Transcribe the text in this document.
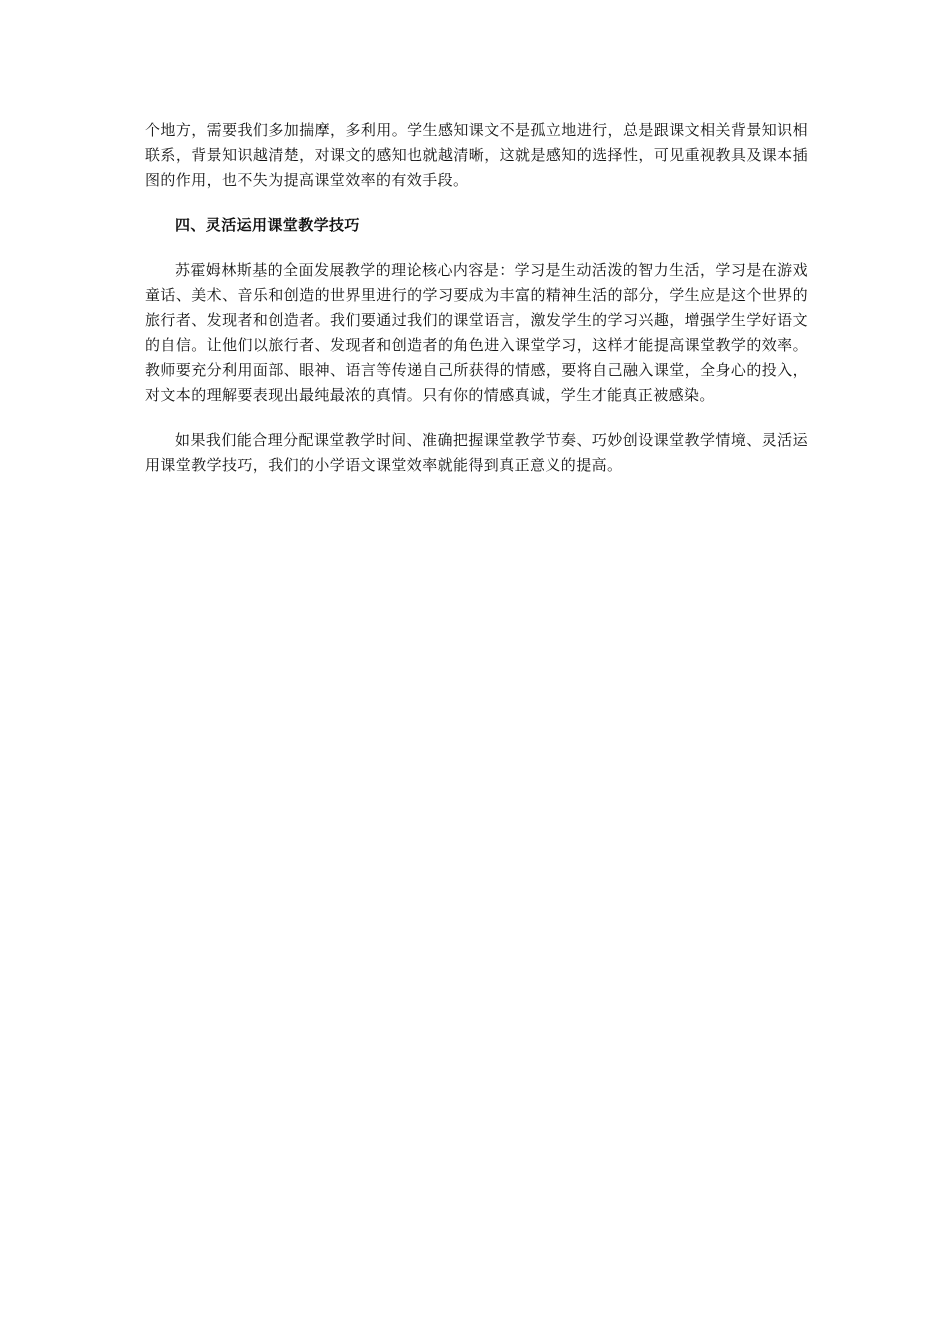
个地方，需要我们多加揣摩，多利用。学生感知课文不是孤立地进行，总是跟课文相关背景知识相联系，背景知识越清楚，对课文的感知也就越清晰，这就是感知的选择性，可见重视教具及课本插图的作用，也不失为提高课堂效率的有效手段。

四、灵活运用课堂教学技巧

苏霍姆林斯基的全面发展教学的理论核心内容是：学习是生动活泼的智力生活，学习是在游戏童话、美术、音乐和创造的世界里进行的学习要成为丰富的精神生活的部分，学生应是这个世界的旅行者、发现者和创造者。我们要通过我们的课堂语言，激发学生的学习兴趣，增强学生学好语文的自信。让他们以旅行者、发现者和创造者的角色进入课堂学习，这样才能提高课堂教学的效率。教师要充分利用面部、眼神、语言等传递自己所获得的情感，要将自己融入课堂，全身心的投入，对文本的理解要表现出最纯最浓的真情。只有你的情感真诚，学生才能真正被感染。

如果我们能合理分配课堂教学时间、准确把握课堂教学节奏、巧妙创设课堂教学情境、灵活运用课堂教学技巧，我们的小学语文课堂效率就能得到真正意义的提高。
